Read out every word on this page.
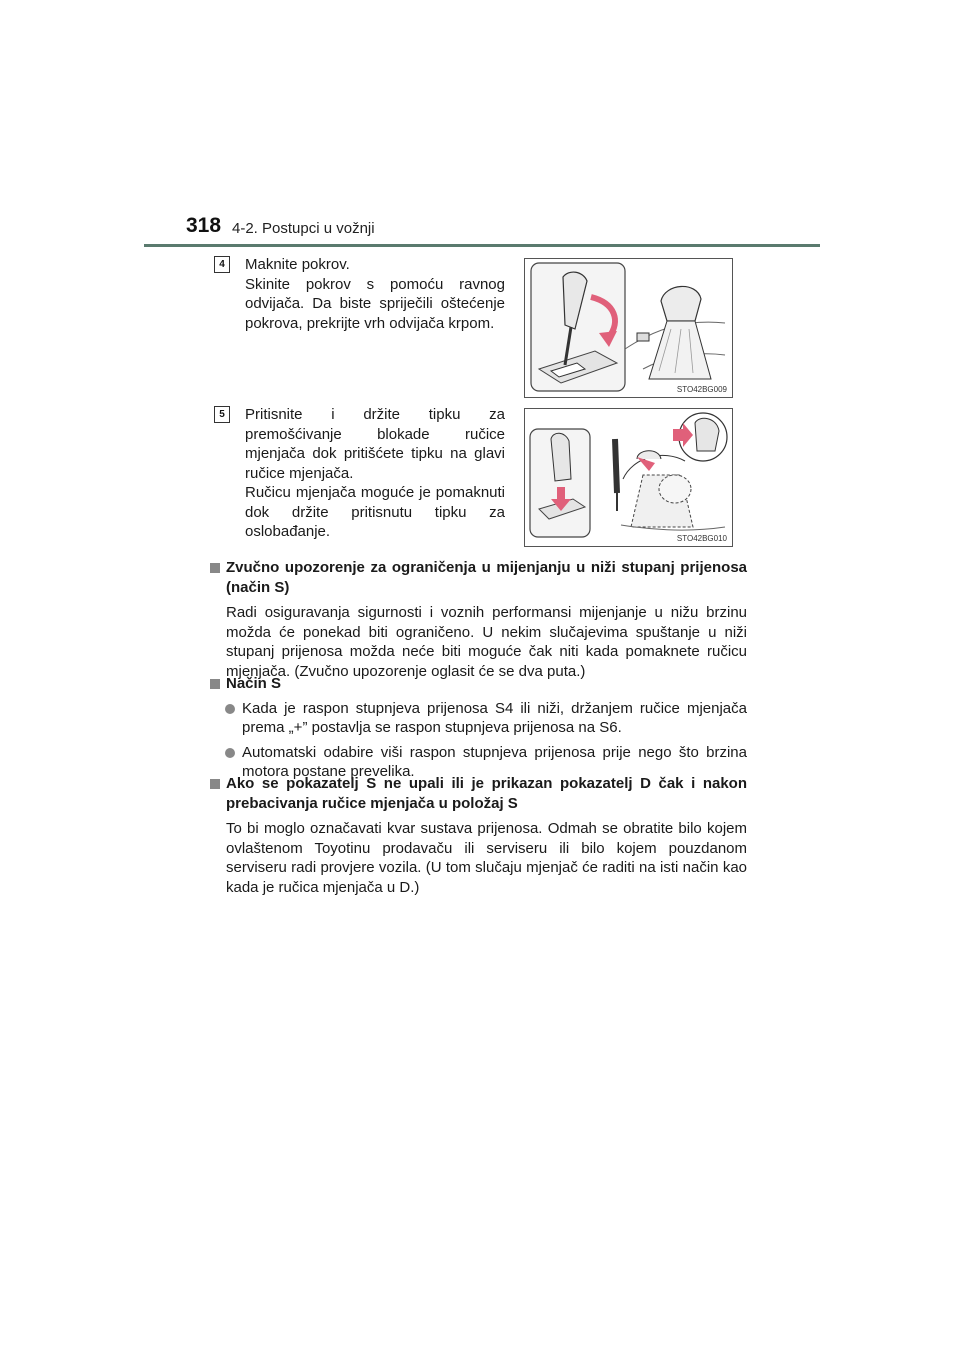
318 4-2. Postupci u vožnji
4	Maknite pokrov.

Skinite pokrov s pomoću ravnog odvijača. Da biste spriječili oštećenje pokrova, prekrijte vrh odvijača krpom.

STO42BG009
5	Pritisnite i držite tipku za premošćivanje blokade ručice mjenjača dok pritišćete tipku na glavi ručice mjenjača.

Ručicu mjenjača moguće je pomaknuti dok držite pritisnutu tipku za oslobađanje.	STO42BG010
Zvučno upozorenje za ograničenja u mijenjanju u niži stupanj prijenosa (način S)
Radi osiguravanja sigurnosti i voznih performansi mijenjanje u nižu brzinu možda će ponekad biti ograničeno. U nekim slučajevima spuštanje u niži stupanj prijenosa možda neće biti moguće čak niti kada pomaknete ručicu mjenjača. (Zvučno upozorenje oglasit će se dva puta.)
Način S
Kada je raspon stupnjeva prijenosa S4 ili niži, držanjem ručice mjenjača prema „+” postavlja se raspon stupnjeva prijenosa na S6.
Automatski odabire viši raspon stupnjeva prijenosa prije nego što brzina motora postane prevelika.
Ako se pokazatelj S ne upali ili je prikazan pokazatelj D čak i nakon prebacivanja ručice mjenjača u položaj S
To bi moglo označavati kvar sustava prijenosa. Odmah se obratite bilo kojem ovlaštenom Toyotinu prodavaču ili serviseru ili bilo kojem pouzdanom serviseru radi provjere vozila. (U tom slučaju mjenjač će raditi na isti način kao kada je ručica mjenjača u D.)
